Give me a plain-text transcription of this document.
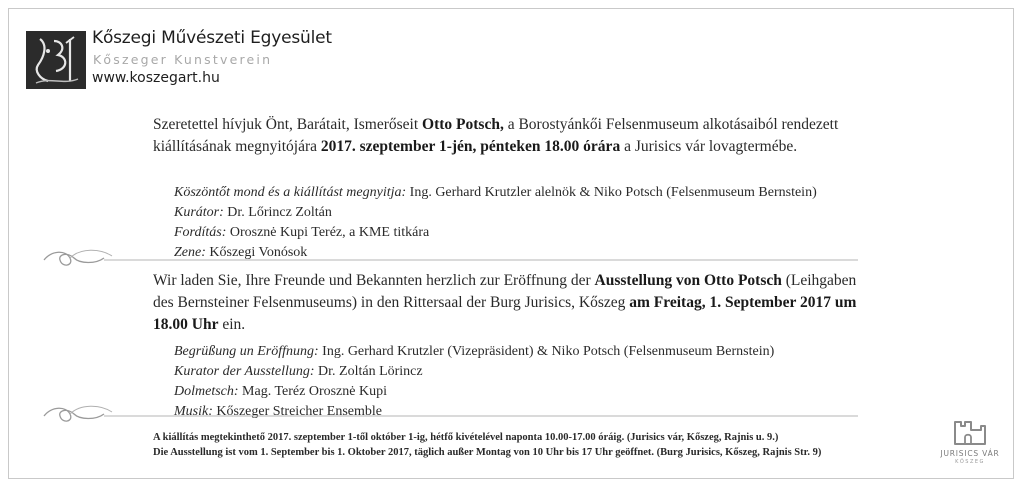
Kőszegi Művészeti Egyesület
Kőszeger Kunstverein
www.koszegart.hu
Szeretettel hívjuk Önt, Barátait, Ismerőseit Otto Potsch, a Borostyánkői Felsenmuseum alkotásaiból rendezett kiállításának megnyitójára 2017. szeptember 1-jén, pénteken 18.00 órára a Jurisics vár lovagtermébe.
Köszöntőt mond és a kiállítást megnyitja: Ing. Gerhard Krutzler alelnök & Niko Potsch (Felsenmuseum Bernstein)
Kurátor: Dr. Lőrincz Zoltán
Fordítás: Orosznė Kupi Teréz, a KME titkára
Zene: Kőszegi Vonósok
Wir laden Sie, Ihre Freunde und Bekannten herzlich zur Eröffnung der Ausstellung von Otto Potsch (Leihgaben des Bernsteiner Felsenmuseums) in den Rittersaal der Burg Jurisics, Kőszeg am Freitag, 1. September 2017 um 18.00 Uhr ein.
Begrüßung un Eröffnung: Ing. Gerhard Krutzler (Vizepräsident) & Niko Potsch (Felsenmuseum Bernstein)
Kurator der Ausstellung: Dr. Zoltán Lörincz
Dolmetsch: Mag. Teréz Orosznė Kupi
Musik: Kőszeger Streicher Ensemble
A kiállítás megtekinthető 2017. szeptember 1-től október 1-ig, hétfő kivételével naponta 10.00-17.00 óráig. (Jurisics vár, Kőszeg, Rajnis u. 9.)
Die Ausstellung ist vom 1. September bis 1. Oktober 2017, täglich außer Montag von 10 Uhr bis 17 Uhr geöffnet. (Burg Jurisics, Kőszeg, Rajnis Str. 9)	JURISICS VÁR
KŐSZEG
